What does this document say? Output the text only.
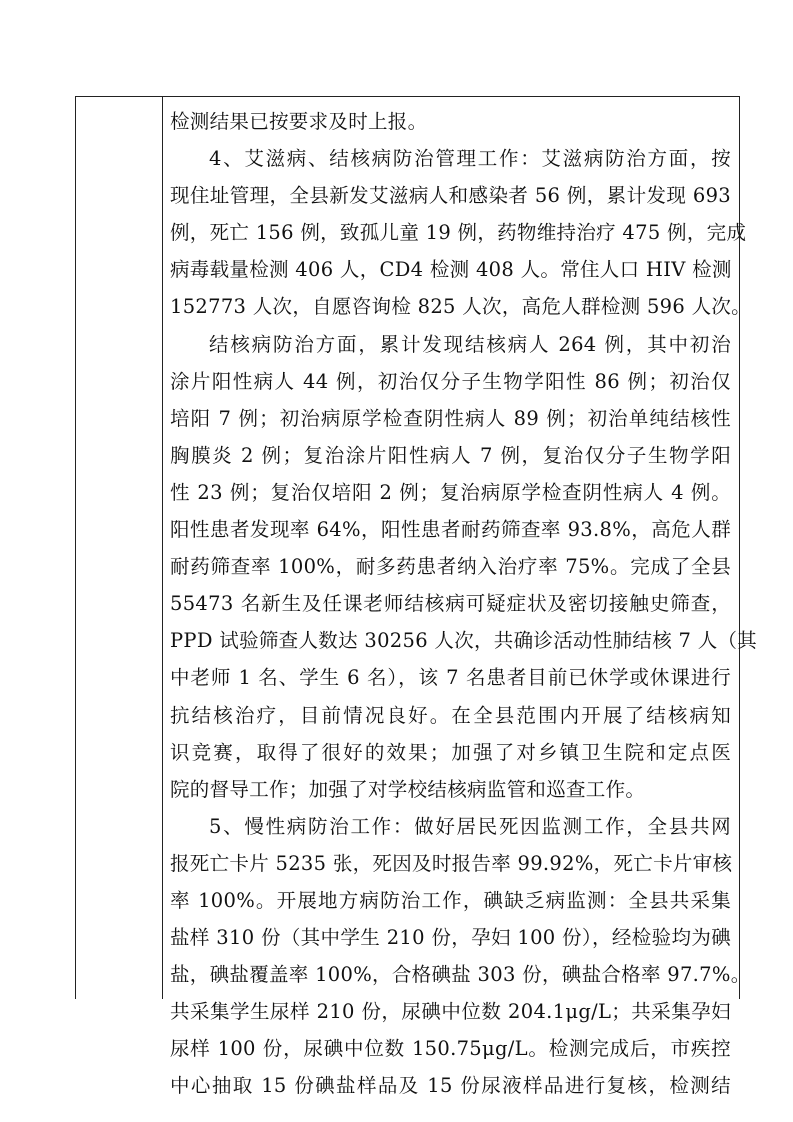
检测结果已按要求及时上报。
4、艾滋病、结核病防治管理工作：艾滋病防治方面，按
现住址管理，全县新发艾滋病人和感染者 56 例，累计发现 693
例，死亡 156 例，致孤儿童 19 例，药物维持治疗 475 例，完成
病毒载量检测 406 人，CD4 检测 408 人。常住人口 HIV 检测
152773 人次，自愿咨询检 825 人次，高危人群检测 596 人次。
结核病防治方面，累计发现结核病人 264 例，其中初治
涂片阳性病人 44 例，初治仅分子生物学阳性 86 例；初治仅
培阳 7 例；初治病原学检查阴性病人 89 例；初治单纯结核性
胸膜炎 2 例；复治涂片阳性病人 7 例，复治仅分子生物学阳
性 23 例；复治仅培阳 2 例；复治病原学检查阴性病人 4 例。
阳性患者发现率 64%，阳性患者耐药筛查率 93.8%，高危人群
耐药筛查率 100%，耐多药患者纳入治疗率 75%。完成了全县
55473 名新生及任课老师结核病可疑症状及密切接触史筛查，
PPD 试验筛查人数达 30256 人次，共确诊活动性肺结核 7 人（其
中老师 1 名、学生 6 名），该 7 名患者目前已休学或休课进行
抗结核治疗，目前情况良好。在全县范围内开展了结核病知
识竞赛，取得了很好的效果；加强了对乡镇卫生院和定点医
院的督导工作；加强了对学校结核病监管和巡查工作。
5、慢性病防治工作：做好居民死因监测工作，全县共网
报死亡卡片 5235 张，死因及时报告率 99.92%，死亡卡片审核
率 100%。开展地方病防治工作，碘缺乏病监测：全县共采集
盐样 310 份（其中学生 210 份，孕妇 100 份），经检验均为碘
盐，碘盐覆盖率 100%，合格碘盐 303 份，碘盐合格率 97.7%。
共采集学生尿样 210 份，尿碘中位数 204.1μg/L；共采集孕妇
尿样 100 份，尿碘中位数 150.75μg/L。检测完成后，市疾控
中心抽取 15 份碘盐样品及 15 份尿液样品进行复核，检测结
